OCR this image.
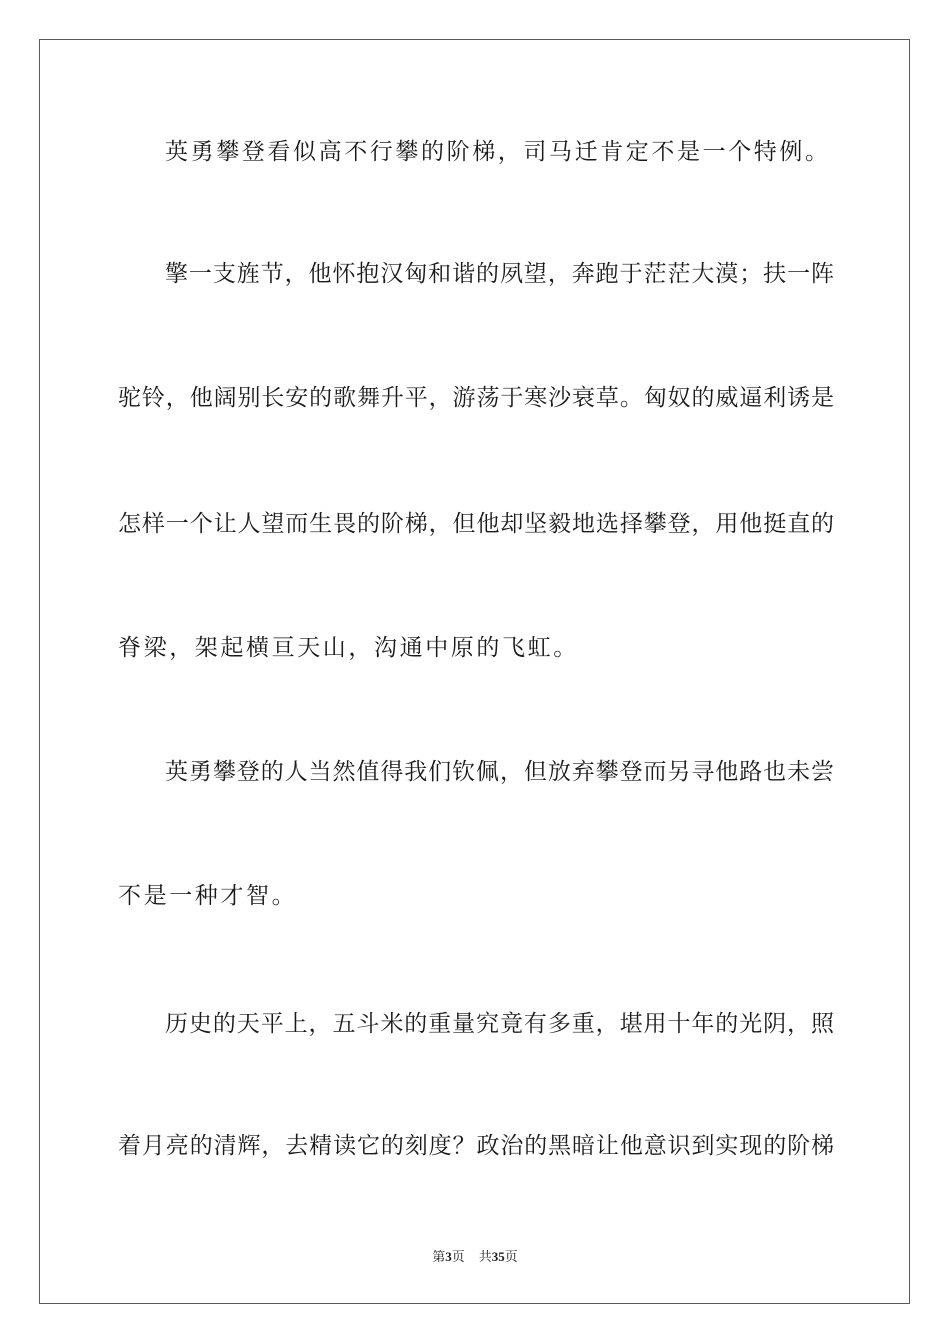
英勇攀登看似高不行攀的阶梯，司马迁肯定不是一个特例。
擎一支旌节，他怀抱汉匈和谐的夙望，奔跑于茫茫大漠；扶一阵
驼铃，他阔别长安的歌舞升平，游荡于寒沙衰草。匈奴的威逼利诱是
怎样一个让人望而生畏的阶梯，但他却坚毅地选择攀登，用他挺直的
脊梁，架起横亘天山，沟通中原的飞虹。
英勇攀登的人当然值得我们钦佩，但放弃攀登而另寻他路也未尝
不是一种才智。
历史的天平上，五斗米的重量究竟有多重，堪用十年的光阴，照
着月亮的清辉，去精读它的刻度？政治的黑暗让他意识到实现的阶梯
第3页 共35页
